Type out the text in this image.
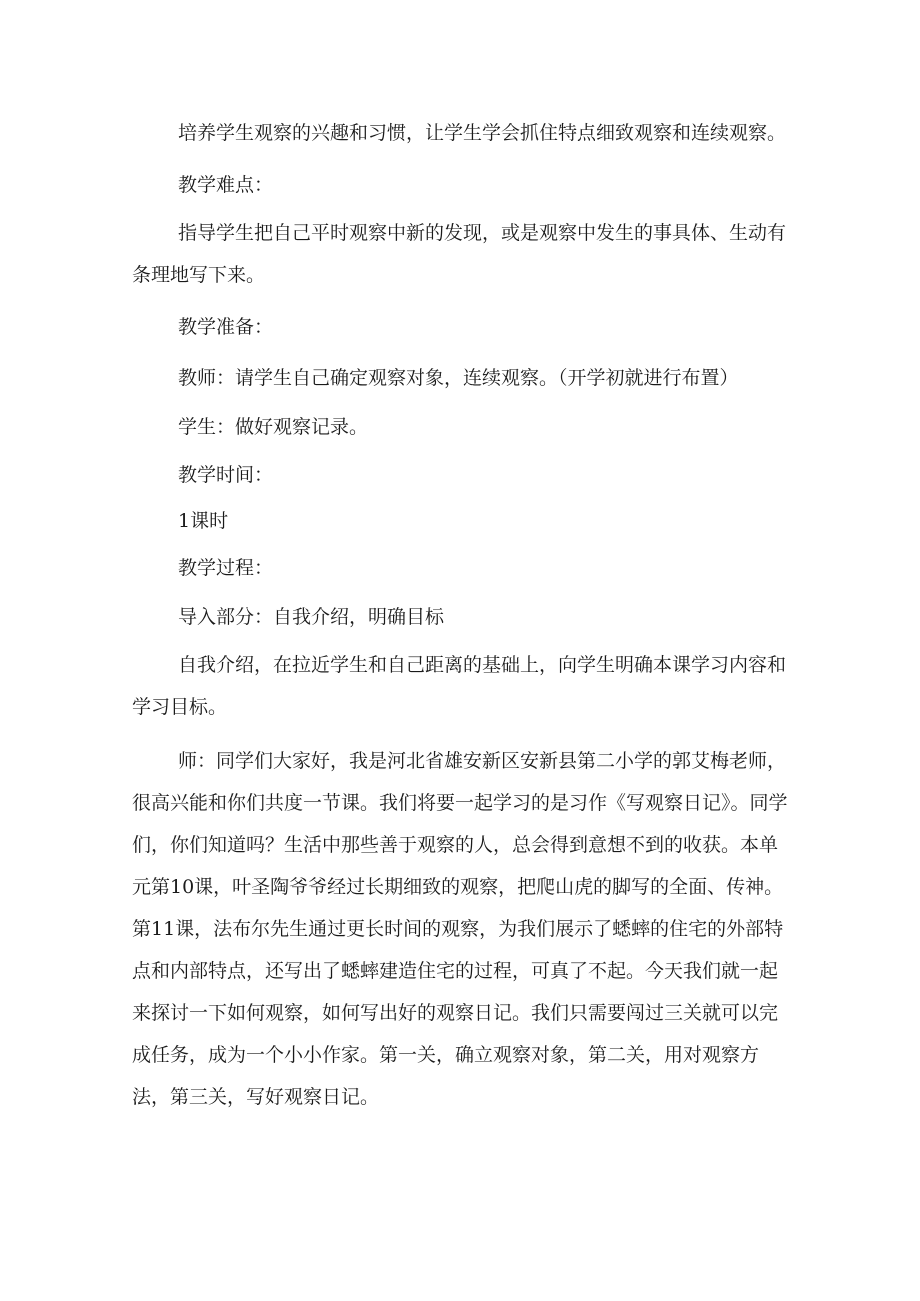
培养学生观察的兴趣和习惯，让学生学会抓住特点细致观察和连续观察。

教学难点：

指导学生把自己平时观察中新的发现，或是观察中发生的事具体、生动有条理地写下来。

教学准备：

教师：请学生自己确定观察对象，连续观察。（开学初就进行布置）

学生：做好观察记录。

教学时间：

1课时

教学过程：

导入部分：自我介绍，明确目标

自我介绍，在拉近学生和自己距离的基础上，向学生明确本课学习内容和学习目标。

师：同学们大家好，我是河北省雄安新区安新县第二小学的郭艾梅老师，很高兴能和你们共度一节课。我们将要一起学习的是习作《写观察日记》。同学们，你们知道吗？生活中那些善于观察的人，总会得到意想不到的收获。本单元第10课，叶圣陶爷爷经过长期细致的观察，把爬山虎的脚写的全面、传神。第11课，法布尔先生通过更长时间的观察，为我们展示了蟋蟀的住宅的外部特点和内部特点，还写出了蟋蟀建造住宅的过程，可真了不起。今天我们就一起来探讨一下如何观察，如何写出好的观察日记。我们只需要闯过三关就可以完成任务，成为一个小小作家。第一关，确立观察对象，第二关，用对观察方法，第三关，写好观察日记。
